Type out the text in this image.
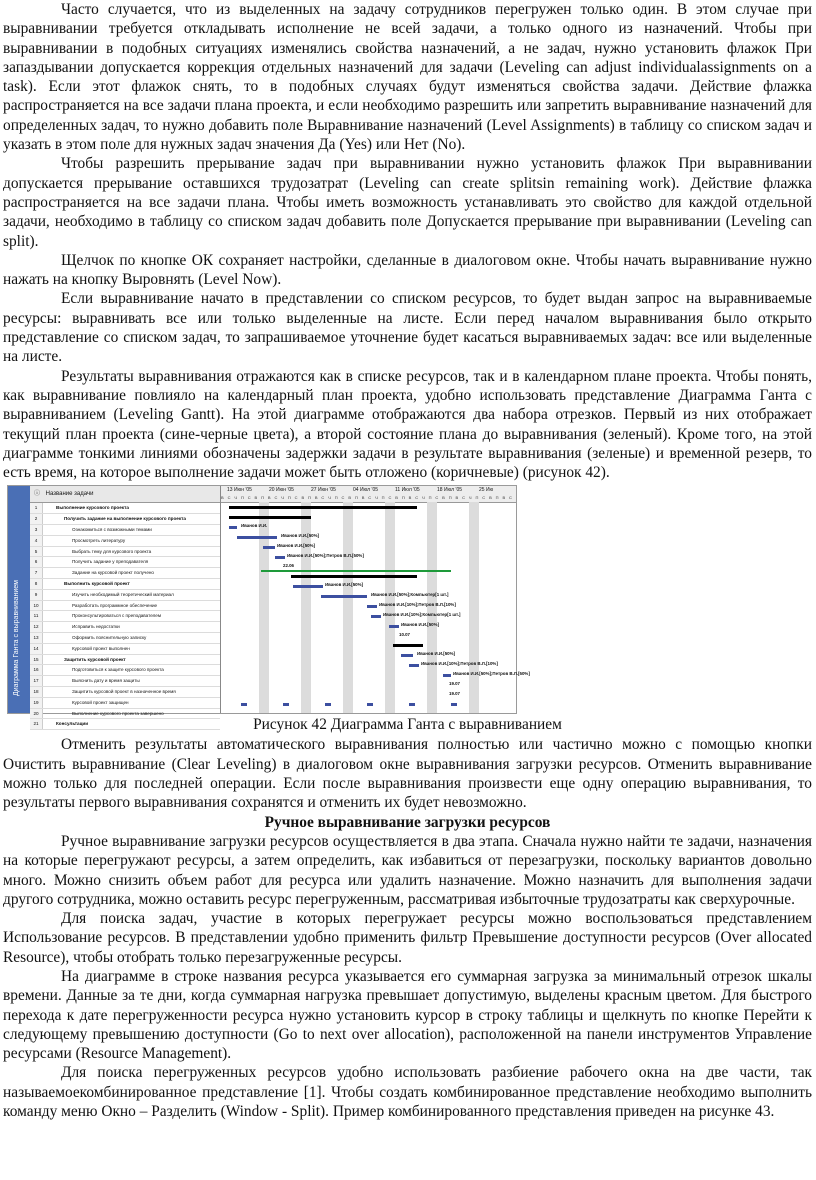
Часто случается, что из выделенных на задачу сотрудников перегружен только один. В этом случае при выравнивании требуется откладывать исполнение не всей задачи, а только одного из назначений. Чтобы при выравнивании в подобных ситуациях изменялись свойства назначений, а не задач, нужно установить флажок При запаздывании допускается коррекция отдельных назначений для задачи (Leveling can adjust individualassignments on a task). Если этот флажок снять, то в подобных случаях будут изменяться свойства задачи. Действие флажка распространяется на все задачи плана проекта, и если необходимо разрешить или запретить выравнивание назначений для определенных задач, то нужно добавить поле Выравнивание назначений (Level Assignments) в таблицу со списком задач и указать в этом поле для нужных задач значения Да (Yes) или Нет (No).

Чтобы разрешить прерывание задач при выравнивании нужно установить флажок При выравнивании допускается прерывание оставшихся трудозатрат (Leveling can create splitsin remaining work). Действие флажка распространяется на все задачи плана. Чтобы иметь возможность устанавливать это свойство для каждой отдельной задачи, необходимо в таблицу со списком задач добавить поле Допускается прерывание при выравнивании (Leveling can split).

Щелчок по кнопке ОК сохраняет настройки, сделанные в диалоговом окне. Чтобы начать выравнивание нужно нажать на кнопку Выровнять (Level Now).

Если выравнивание начато в представлении со списком ресурсов, то будет выдан запрос на выравниваемые ресурсы: выравнивать все или только выделенные на листе. Если перед началом выравнивания было открыто представление со списком задач, то запрашиваемое уточнение будет касаться выравниваемых задач: все или выделенные на листе.

Результаты выравнивания отражаются как в списке ресурсов, так и в календарном плане проекта. Чтобы понять, как выравнивание повлияло на календарный план проекта, удобно использовать представление Диаграмма Ганта с выравниванием (Leveling Gantt). На этой диаграмме отображаются два набора отрезков. Первый из них отображает текущий план проекта (сине-черные цвета), а второй состояние плана до выравнивания (зеленый). Кроме того, на этой диаграмме тонкими линиями обозначены задержки задачи в результате выравнивания (зеленые) и временной резерв, то есть время, на которое выполнение задачи может быть отложено (коричневые) (рисунок 42).

Диаграмма Ганта с выравниванием
ⓘ Название задачи
1	Выполнение курсового проекта
2	Получить задание на выполнение курсового проекта
3	Ознакомиться с возможными темами
4	Просмотреть литературу
5	Выбрать тему для курсового проекта
6	Получить задание у преподавателя
7	Задание на курсовой проект получено
8	Выполнить курсовой проект
9	Изучить необходимый теоретический материал
10	Разработать программное обеспечение
11	Проконсультироваться с преподавателем
12	Исправить недостатки
13	Оформить пояснительную записку
14	Курсовой проект выполнен
15	Защитить курсовой проект
16	Подготовиться к защите курсового проекта
17	Выяснить дату и время защиты
18	Защитить курсовой проект в назначенное время
19	Курсовой проект защищен
20	Выполнение курсового проекта завершено
21	Консультации
13 Июн '05	20 Июн '05	27 Июн '05	04 Июл '05	11 Июл '05	18 Июл '05	25 Ию
В С Ч П С В П В С Ч П С В П В С Ч П С В П В С Ч П С В П В С Ч П С В П В С Ч П С В П В С
Иванов И.И.
Иванов И.И.[50%]
Иванов И.И.[50%]
Иванов И.И.[50%];Петров В.Л.[50%]
22.06
Иванов И.И.[50%]
Иванов И.И.[50%];Компьютер[1 шт.]
Иванов И.И.[10%];Петров В.Л.[10%]
Иванов И.И.[10%];Компьютер[1 шт.]
Иванов И.И.[50%]
10.07
Иванов И.И.[50%]
Иванов И.И.[10%];Петров В.Л.[10%]
Иванов И.И.[50%];Петров В.Л.[50%]
19.07
19.07
Рисунок 42 Диаграмма Ганта с выравниванием

Отменить результаты автоматического выравнивания полностью или частично можно с помощью кнопки Очистить выравнивание (Clear Leveling) в диалоговом окне выравнивания загрузки ресурсов. Отменить выравнивание можно только для последней операции. Если после выравнивания произвести еще одну операцию выравнивания, то результаты первого выравнивания сохранятся и отменить их будет невозможно.

Ручное выравнивание загрузки ресурсов

Ручное выравнивание загрузки ресурсов осуществляется в два этапа. Сначала нужно найти те задачи, назначения на которые перегружают ресурсы, а затем определить, как избавиться от перезагрузки, поскольку вариантов довольно много. Можно снизить объем работ для ресурса или удалить назначение. Можно назначить для выполнения задачи другого сотрудника, можно оставить ресурс перегруженным, рассматривая избыточные трудозатраты как сверхурочные.

Для поиска задач, участие в которых перегружает ресурсы можно воспользоваться представлением Использование ресурсов. В представлении удобно применить фильтр Превышение доступности ресурсов (Over allocated Resource), чтобы отобрать только перезагруженные ресурсы.

На диаграмме в строке названия ресурса указывается его суммарная загрузка за минимальный отрезок шкалы времени. Данные за те дни, когда суммарная нагрузка превышает допустимую, выделены красным цветом. Для быстрого перехода к дате перегруженности ресурса нужно установить курсор в строку таблицы и щелкнуть по кнопке Перейти к следующему превышению доступности (Go to next over allocation), расположенной на панели инструментов Управление ресурсами (Resource Management).

Для поиска перегруженных ресурсов удобно использовать разбиение рабочего окна на две части, так называемоекомбинированное представление [1]. Чтобы создать комбинированное представление необходимо выполнить команду меню Окно – Разделить (Window - Split). Пример комбинированного представления приведен на рисунке 43.
